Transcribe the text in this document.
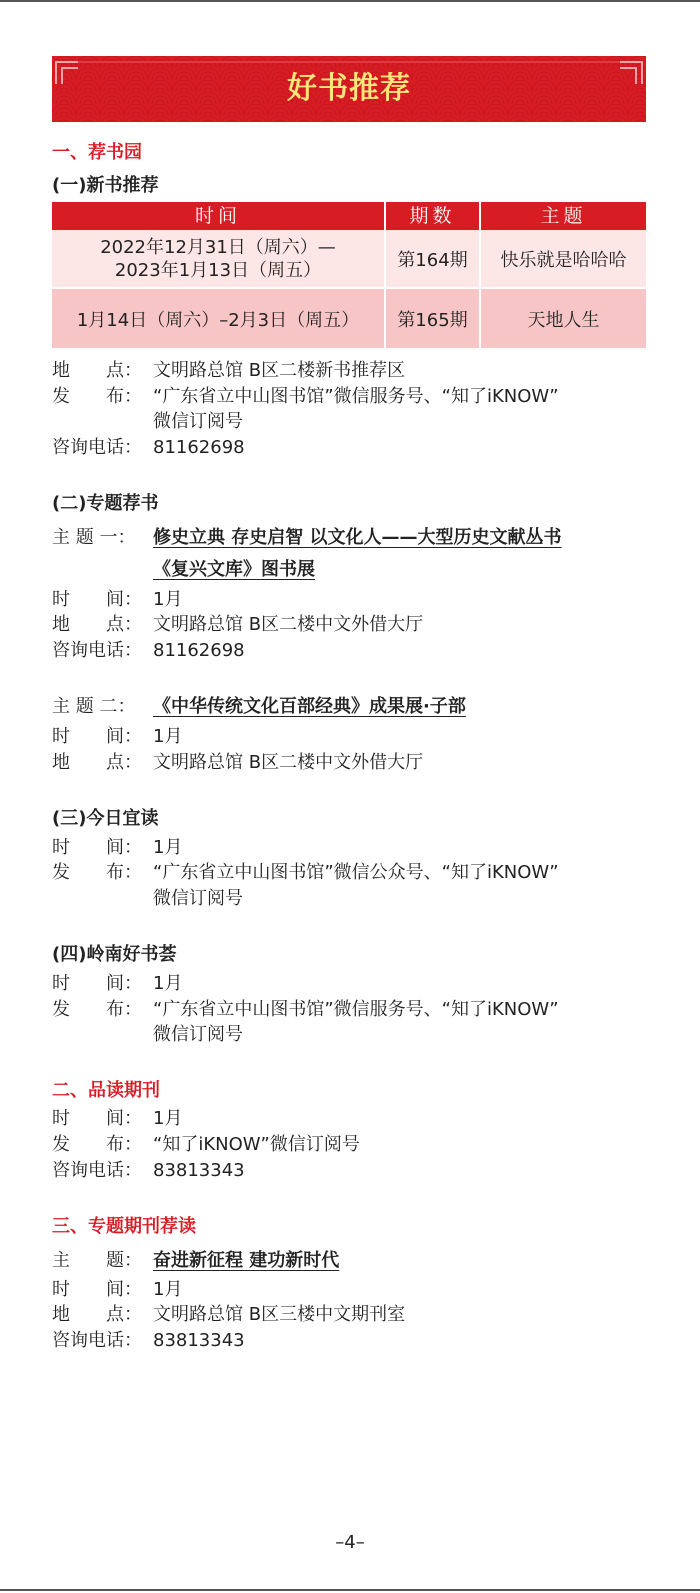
好书推荐
一、荐书园
(一)新书推荐
时间	期数	主题
2022年12月31日（周六）—
2023年1月13日（周五）	第164期	快乐就是哈哈哈
1月14日（周六）–2月3日（周五）	第165期	天地人生
地　　点： 文明路总馆 B区二楼新书推荐区
发　　布： “广东省立中山图书馆”微信服务号、“知了iKNOW”
微信订阅号
咨询电话： 81162698
(二)专题荐书
主 题 一： 修史立典 存史启智 以文化人——大型历史文献丛书
《复兴文库》图书展
时　　间： 1月
地　　点： 文明路总馆 B区二楼中文外借大厅
咨询电话： 81162698
主 题 二： 《中华传统文化百部经典》成果展·子部
时　　间： 1月
地　　点： 文明路总馆 B区二楼中文外借大厅
(三)今日宜读
时　　间： 1月
发　　布： “广东省立中山图书馆”微信公众号、“知了iKNOW”
微信订阅号
(四)岭南好书荟
时　　间： 1月
发　　布： “广东省立中山图书馆”微信服务号、“知了iKNOW”
微信订阅号
二、品读期刊
时　　间： 1月
发　　布： “知了iKNOW”微信订阅号
咨询电话： 83813343
三、专题期刊荐读
主　　题： 奋进新征程 建功新时代
时　　间： 1月
地　　点： 文明路总馆 B区三楼中文期刊室
咨询电话： 83813343
–4–
